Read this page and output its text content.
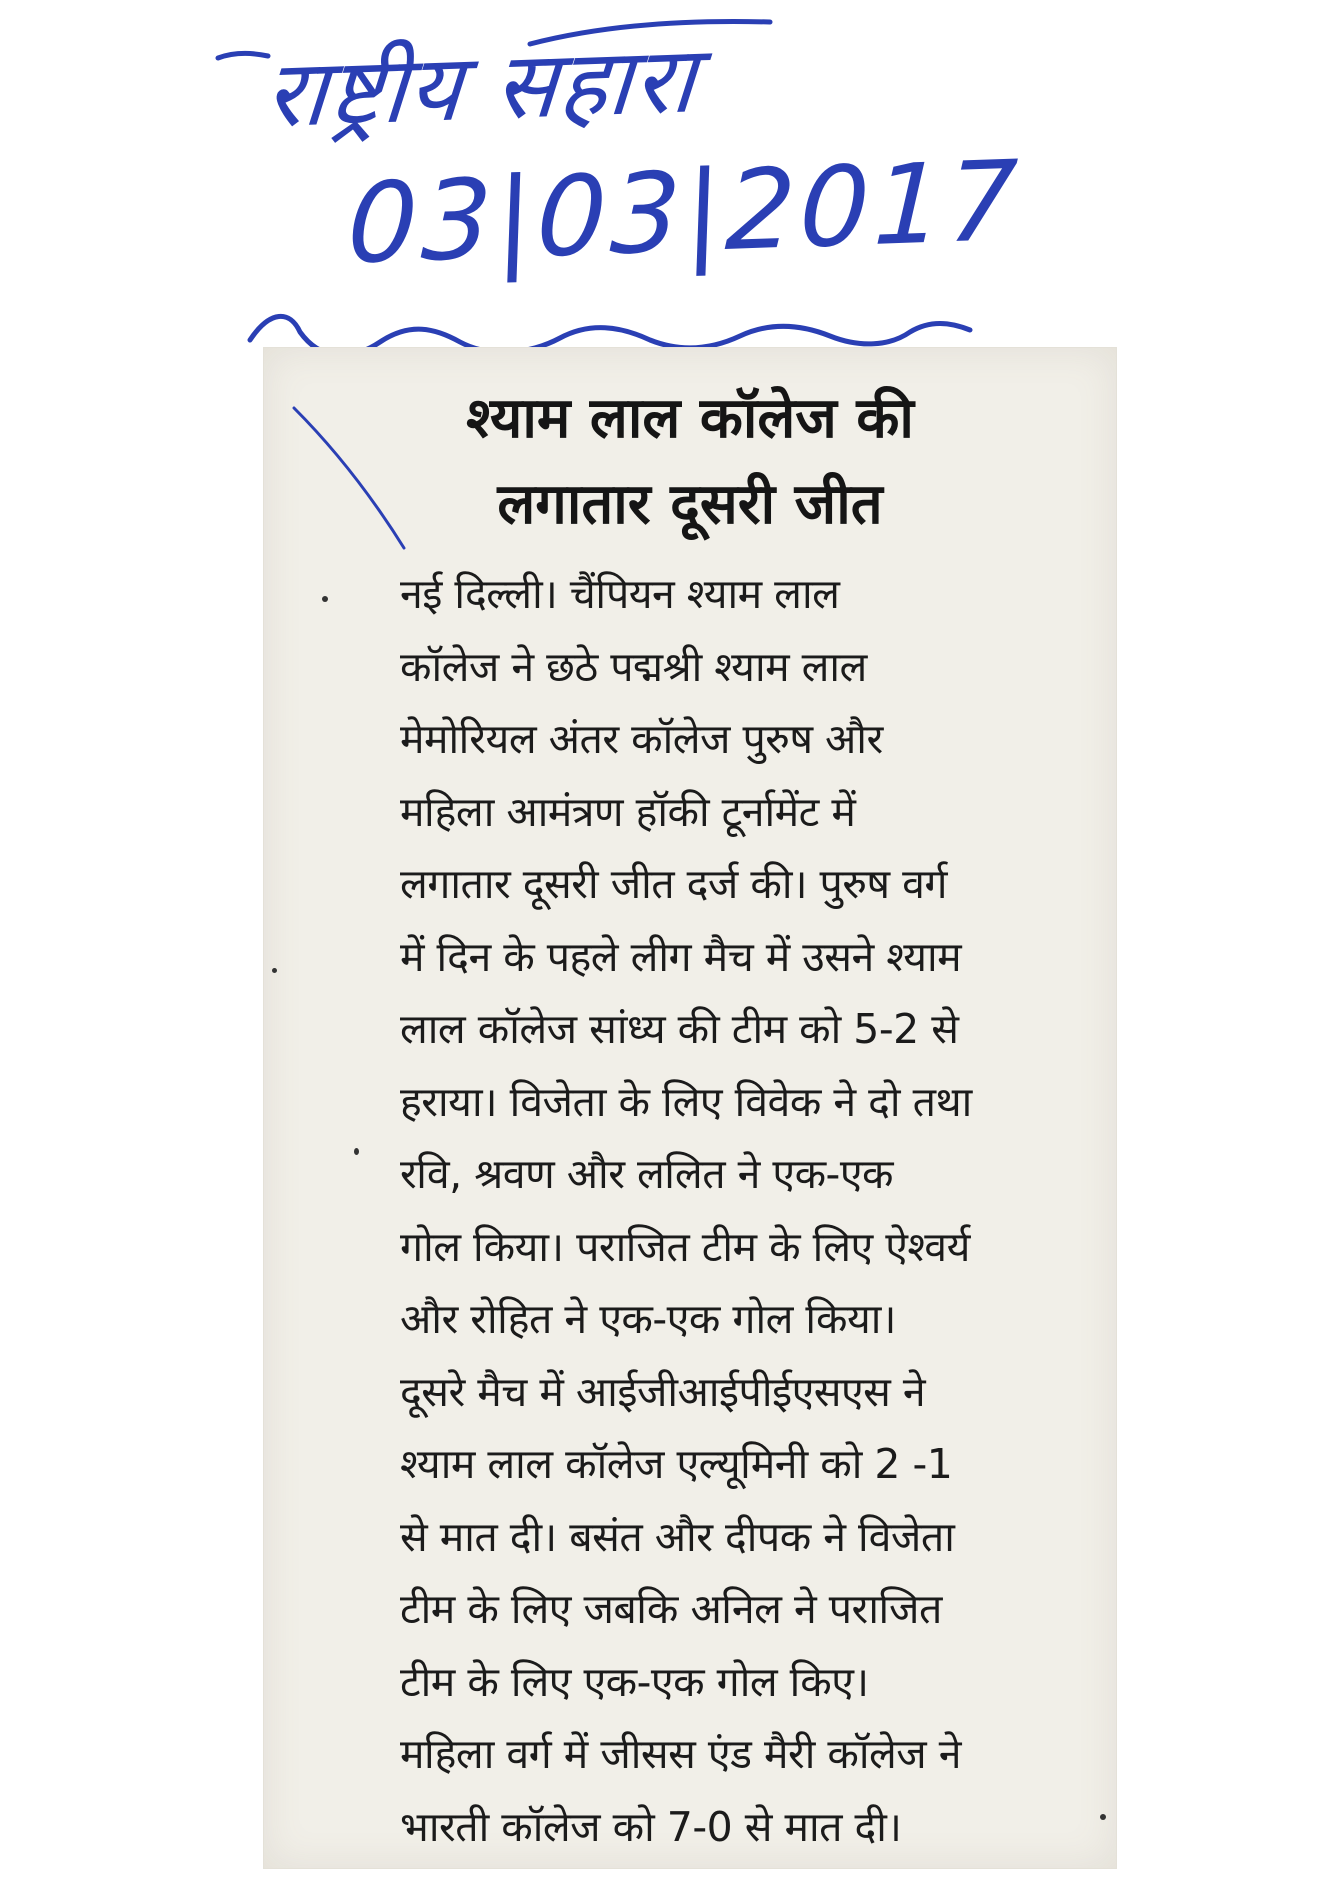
राष्ट्रीय सहारा
03|03|2017
श्याम लाल कॉलेज की
लगातार दूसरी जीत
नई दिल्ली। चैंपियन श्याम लाल
कॉलेज ने छठे पद्मश्री श्याम लाल
मेमोरियल अंतर कॉलेज पुरुष और
महिला आमंत्रण हॉकी टूर्नामेंट में
लगातार दूसरी जीत दर्ज की। पुरुष वर्ग
में दिन के पहले लीग मैच में उसने श्याम
लाल कॉलेज सांध्य की टीम को 5-2 से
हराया। विजेता के लिए विवेक ने दो तथा
रवि, श्रवण और ललित ने एक-एक
गोल किया। पराजित टीम के लिए ऐश्वर्य
और रोहित ने एक-एक गोल किया।
दूसरे मैच में आईजीआईपीईएसएस ने
श्याम लाल कॉलेज एल्यूमिनी को 2 -1
से मात दी। बसंत और दीपक ने विजेता
टीम के लिए जबकि अनिल ने पराजित
टीम के लिए एक-एक गोल किए।
महिला वर्ग में जीसस एंड मैरी कॉलेज ने
भारती कॉलेज को 7-0 से मात दी।
